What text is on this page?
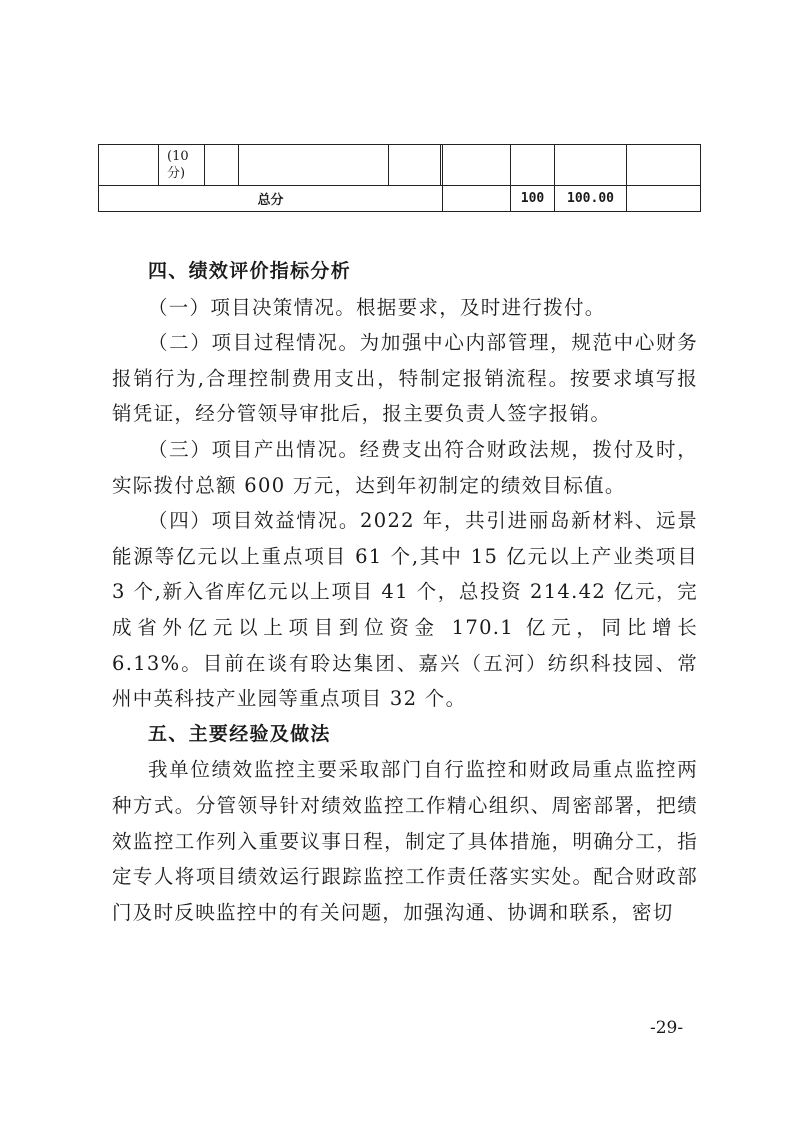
	(10
分)								
总分							100	100.00	

四、绩效评价指标分析

（一）项目决策情况。根据要求，及时进行拨付。

（二）项目过程情况。为加强中心内部管理，规范中心财务报销行为,合理控制费用支出，特制定报销流程。按要求填写报销凭证，经分管领导审批后，报主要负责人签字报销。

（三）项目产出情况。经费支出符合财政法规，拨付及时，实际拨付总额 600 万元，达到年初制定的绩效目标值。

（四）项目效益情况。2022 年，共引进丽岛新材料、远景能源等亿元以上重点项目 61 个,其中 15 亿元以上产业类项目 3 个,新入省库亿元以上项目 41 个，总投资 214.42 亿元，完成省外亿元以上项目到位资金 170.1 亿元，同比增长 6.13%。目前在谈有聆达集团、嘉兴（五河）纺织科技园、常州中英科技产业园等重点项目 32 个。

五、主要经验及做法

我单位绩效监控主要采取部门自行监控和财政局重点监控两种方式。分管领导针对绩效监控工作精心组织、周密部署，把绩效监控工作列入重要议事日程，制定了具体措施，明确分工，指定专人将项目绩效运行跟踪监控工作责任落实实处。配合财政部门及时反映监控中的有关问题，加强沟通、协调和联系，密切

-29-
